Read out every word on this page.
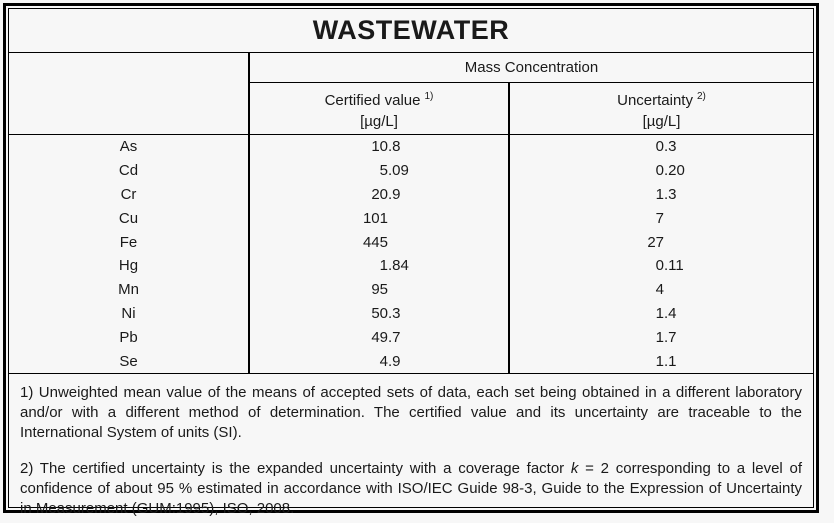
WASTEWATER
Mass Concentration
Certified value $^{1)}$
[µg/L]
Uncertainty $^{2)}$
[µg/L]
As	10 .8	0 .3
Cd	5 .09	0 .20
Cr	20 .9	1 .3
Cu	101	7
Fe	445	27
Hg	1 .84	0 .11
Mn	95	4
Ni	50 .3	1 .4
Pb	49 .7	1 .7
Se	4 .9	1 .1

1) Unweighted mean value of the means of accepted sets of data, each set being obtained in a different laboratory and/or with a different method of determination. The certified value and its uncertainty are traceable to the International System of units (SI).

2) The certified uncertainty is the expanded uncertainty with a coverage factor k = 2 corresponding to a level of confidence of about 95 % estimated in accordance with ISO/IEC Guide 98-3, Guide to the Expression of Uncertainty in Measurement (GUM:1995), ISO, 2008.
